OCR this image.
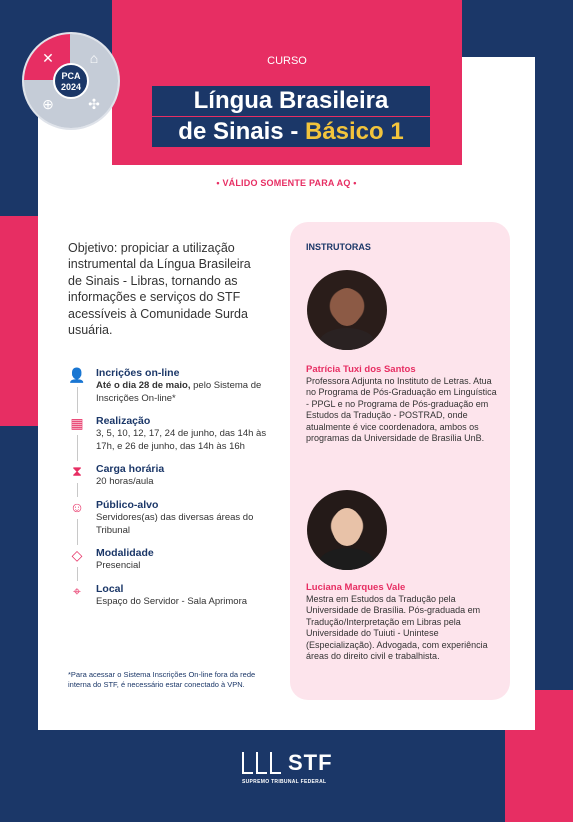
✕	⌂
⊕	✣
PCA
2024
CURSO
Língua Brasileira
de Sinais - Básico 1
• VÁLIDO SOMENTE PARA AQ •
Objetivo: propiciar a utilização instrumental da Língua Brasileira de Sinais - Libras, tornando as informações e serviços do STF acessíveis à Comunidade Surda usuária.
👤 Incrições on-line

Até o dia 28 de maio, pelo Sistema de Inscrições On-line*

▦ Realização

3, 5, 10, 12, 17, 24 de junho, das 14h às 17h, e 26 de junho, das 14h às 16h

⧗	Carga horária

20 horas/aula

☺ Público-alvo

Servidores(as) das diversas áreas do Tribunal

◇	Modalidade

Presencial

⌖	Local

Espaço do Servidor - Sala Aprimora

*Para acessar o Sistema Inscrições On-line fora da rede interna do STF, é necessário estar conectado à VPN.
INSTRUTORAS
Patrícia Tuxi dos Santos
Professora Adjunta no Instituto de Letras. Atua no Programa de Pós-Graduação em Linguística - PPGL e no Programa de Pós-graduação em Estudos da Tradução - POSTRAD, onde atualmente é vice coordenadora, ambos os programas da Universidade de Brasília UnB.
Luciana Marques Vale
Mestra em Estudos da Tradução pela Universidade de Brasília. Pós-graduada em Tradução/Interpretação em Libras pela Universidade do Tuiuti - Unintese (Especialização). Advogada, com experiência áreas do direito civil e trabalhista.
STF
SUPREMO TRIBUNAL FEDERAL
